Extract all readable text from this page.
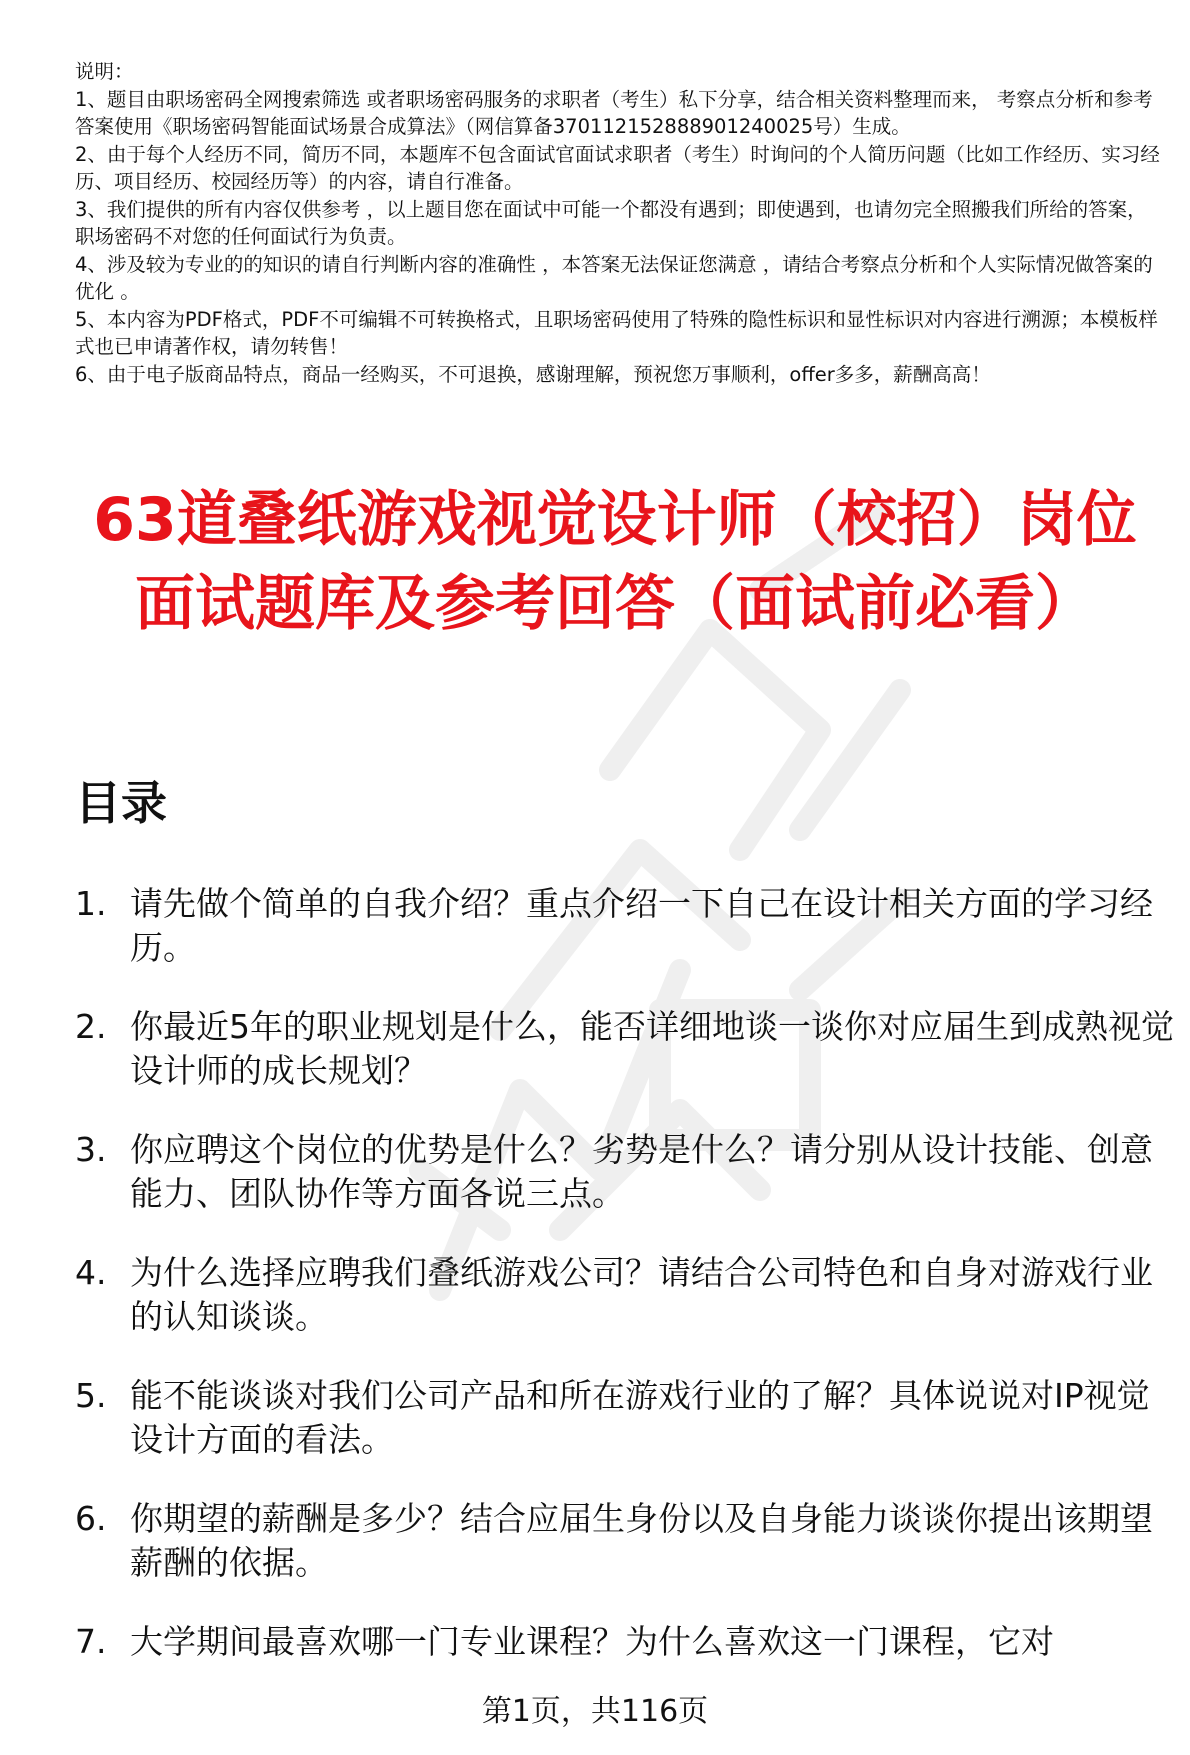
说明：

1、题目由职场密码全网搜索筛选 或者职场密码服务的求职者（考生）私下分享，结合相关资料整理而来， 考察点分析和参考答案使用《职场密码智能面试场景合成算法》（网信算备370112152888901240025号）生成。

2、由于每个人经历不同，简历不同，本题库不包含面试官面试求职者（考生）时询问的个人简历问题（比如工作经历、实习经历、项目经历、校园经历等）的内容，请自行准备。

3、我们提供的所有内容仅供参考 ，以上题目您在面试中可能一个都没有遇到；即使遇到，也请勿完全照搬我们所给的答案，职场密码不对您的任何面试行为负责。

4、涉及较为专业的的知识的请自行判断内容的准确性 ，本答案无法保证您满意 ，请结合考察点分析和个人实际情况做答案的优化 。

5、本内容为PDF格式，PDF不可编辑不可转换格式，且职场密码使用了特殊的隐性标识和显性标识对内容进行溯源；本模板样式也已申请著作权，请勿转售！

6、由于电子版商品特点，商品一经购买，不可退换，感谢理解，预祝您万事顺利，offer多多，薪酬高高！

63道叠纸游戏视觉设计师（校招）岗位面试题库及参考回答（面试前必看）
目录
1. 请先做个简单的自我介绍？重点介绍一下自己在设计相关方面的学习经历。
2. 你最近5年的职业规划是什么，能否详细地谈一谈你对应届生到成熟视觉设计师的成长规划？
3. 你应聘这个岗位的优势是什么？劣势是什么？请分别从设计技能、创意能力、团队协作等方面各说三点。
4. 为什么选择应聘我们叠纸游戏公司？请结合公司特色和自身对游戏行业的认知谈谈。
5. 能不能谈谈对我们公司产品和所在游戏行业的了解？具体说说对IP视觉设计方面的看法。
6. 你期望的薪酬是多少？结合应届生身份以及自身能力谈谈你提出该期望薪酬的依据。
7. 大学期间最喜欢哪一门专业课程？为什么喜欢这一门课程，它对
第1页，共116页
